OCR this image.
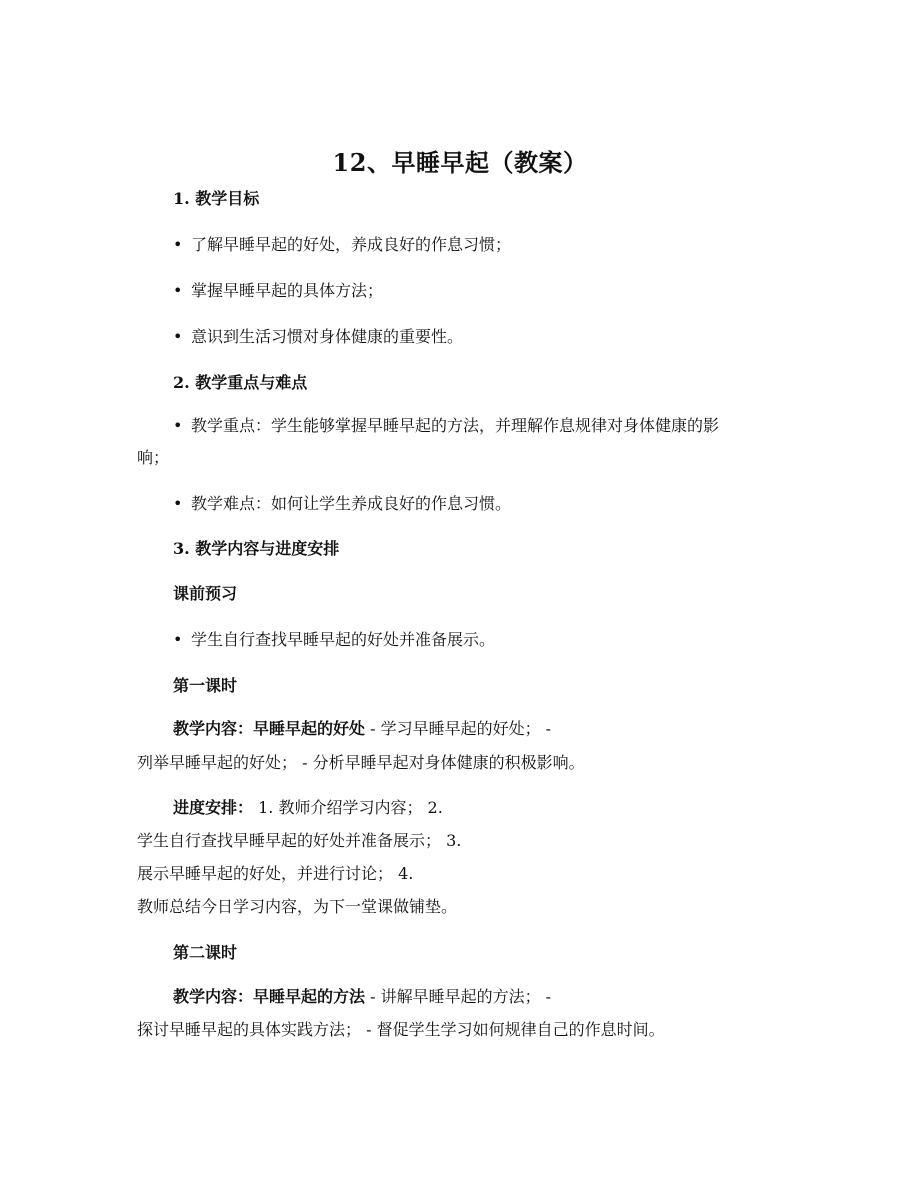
12、早睡早起（教案）
1. 教学目标
• 了解早睡早起的好处，养成良好的作息习惯；
• 掌握早睡早起的具体方法；
• 意识到生活习惯对身体健康的重要性。
2. 教学重点与难点
• 教学重点：学生能够掌握早睡早起的方法，并理解作息规律对身体健康的影
响；
• 教学难点：如何让学生养成良好的作息习惯。
3. 教学内容与进度安排
课前预习
• 学生自行查找早睡早起的好处并准备展示。
第一课时
教学内容：早睡早起的好处 - 学习早睡早起的好处； -
列举早睡早起的好处； - 分析早睡早起对身体健康的积极影响。
进度安排： 1. 教师介绍学习内容； 2.
学生自行查找早睡早起的好处并准备展示； 3.
展示早睡早起的好处，并进行讨论； 4.
教师总结今日学习内容，为下一堂课做铺垫。
第二课时
教学内容：早睡早起的方法 - 讲解早睡早起的方法； -
探讨早睡早起的具体实践方法； - 督促学生学习如何规律自己的作息时间。
